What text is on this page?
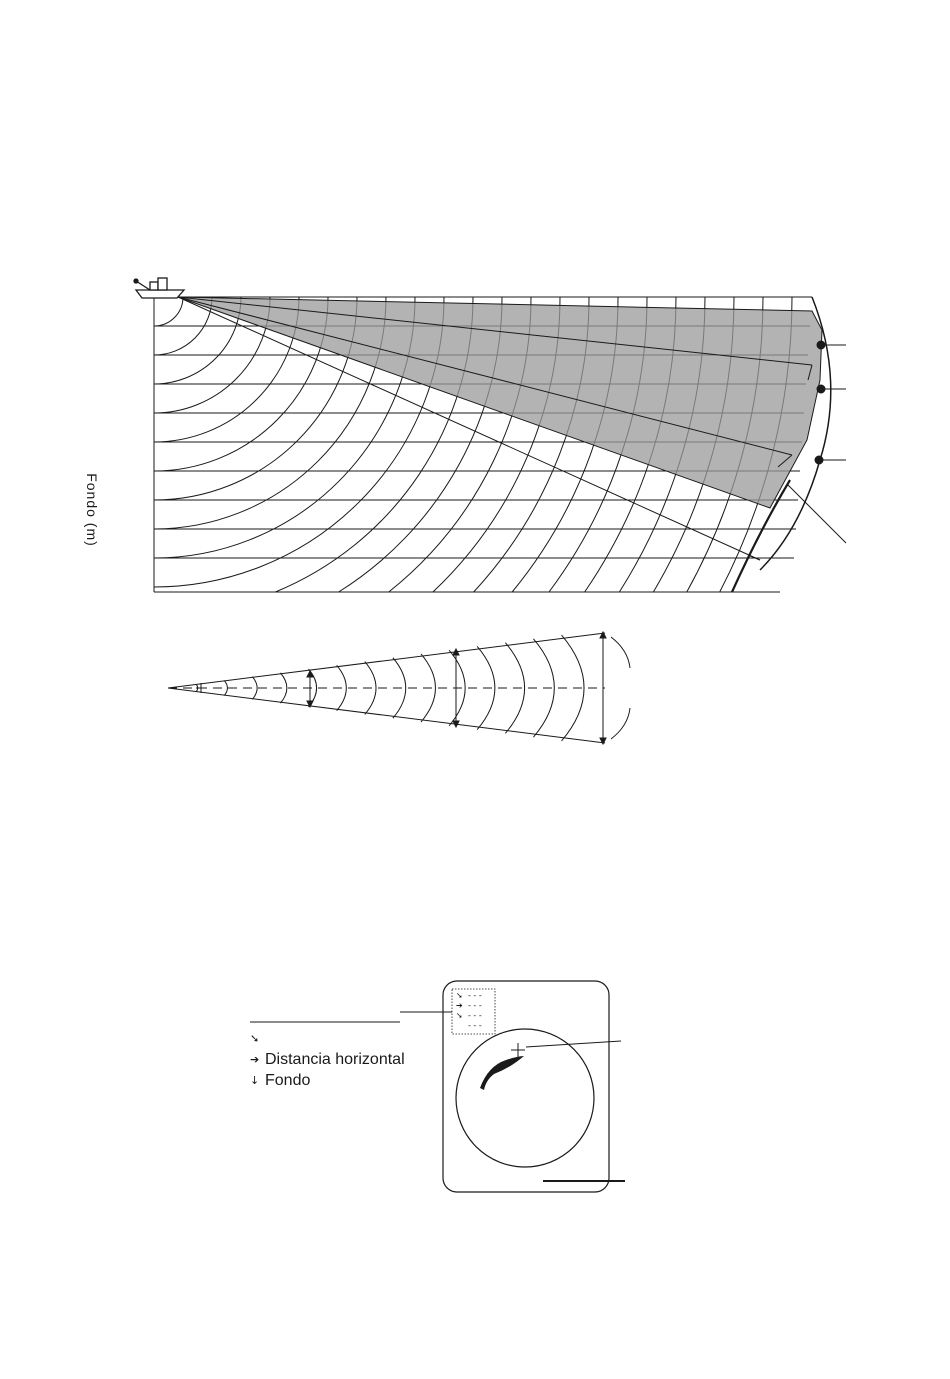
➘
➔
➘
- - -
- - -
- - -
- - -
Fondo (m)
➘
➔ Distancia horizontal
↓ Fondo
